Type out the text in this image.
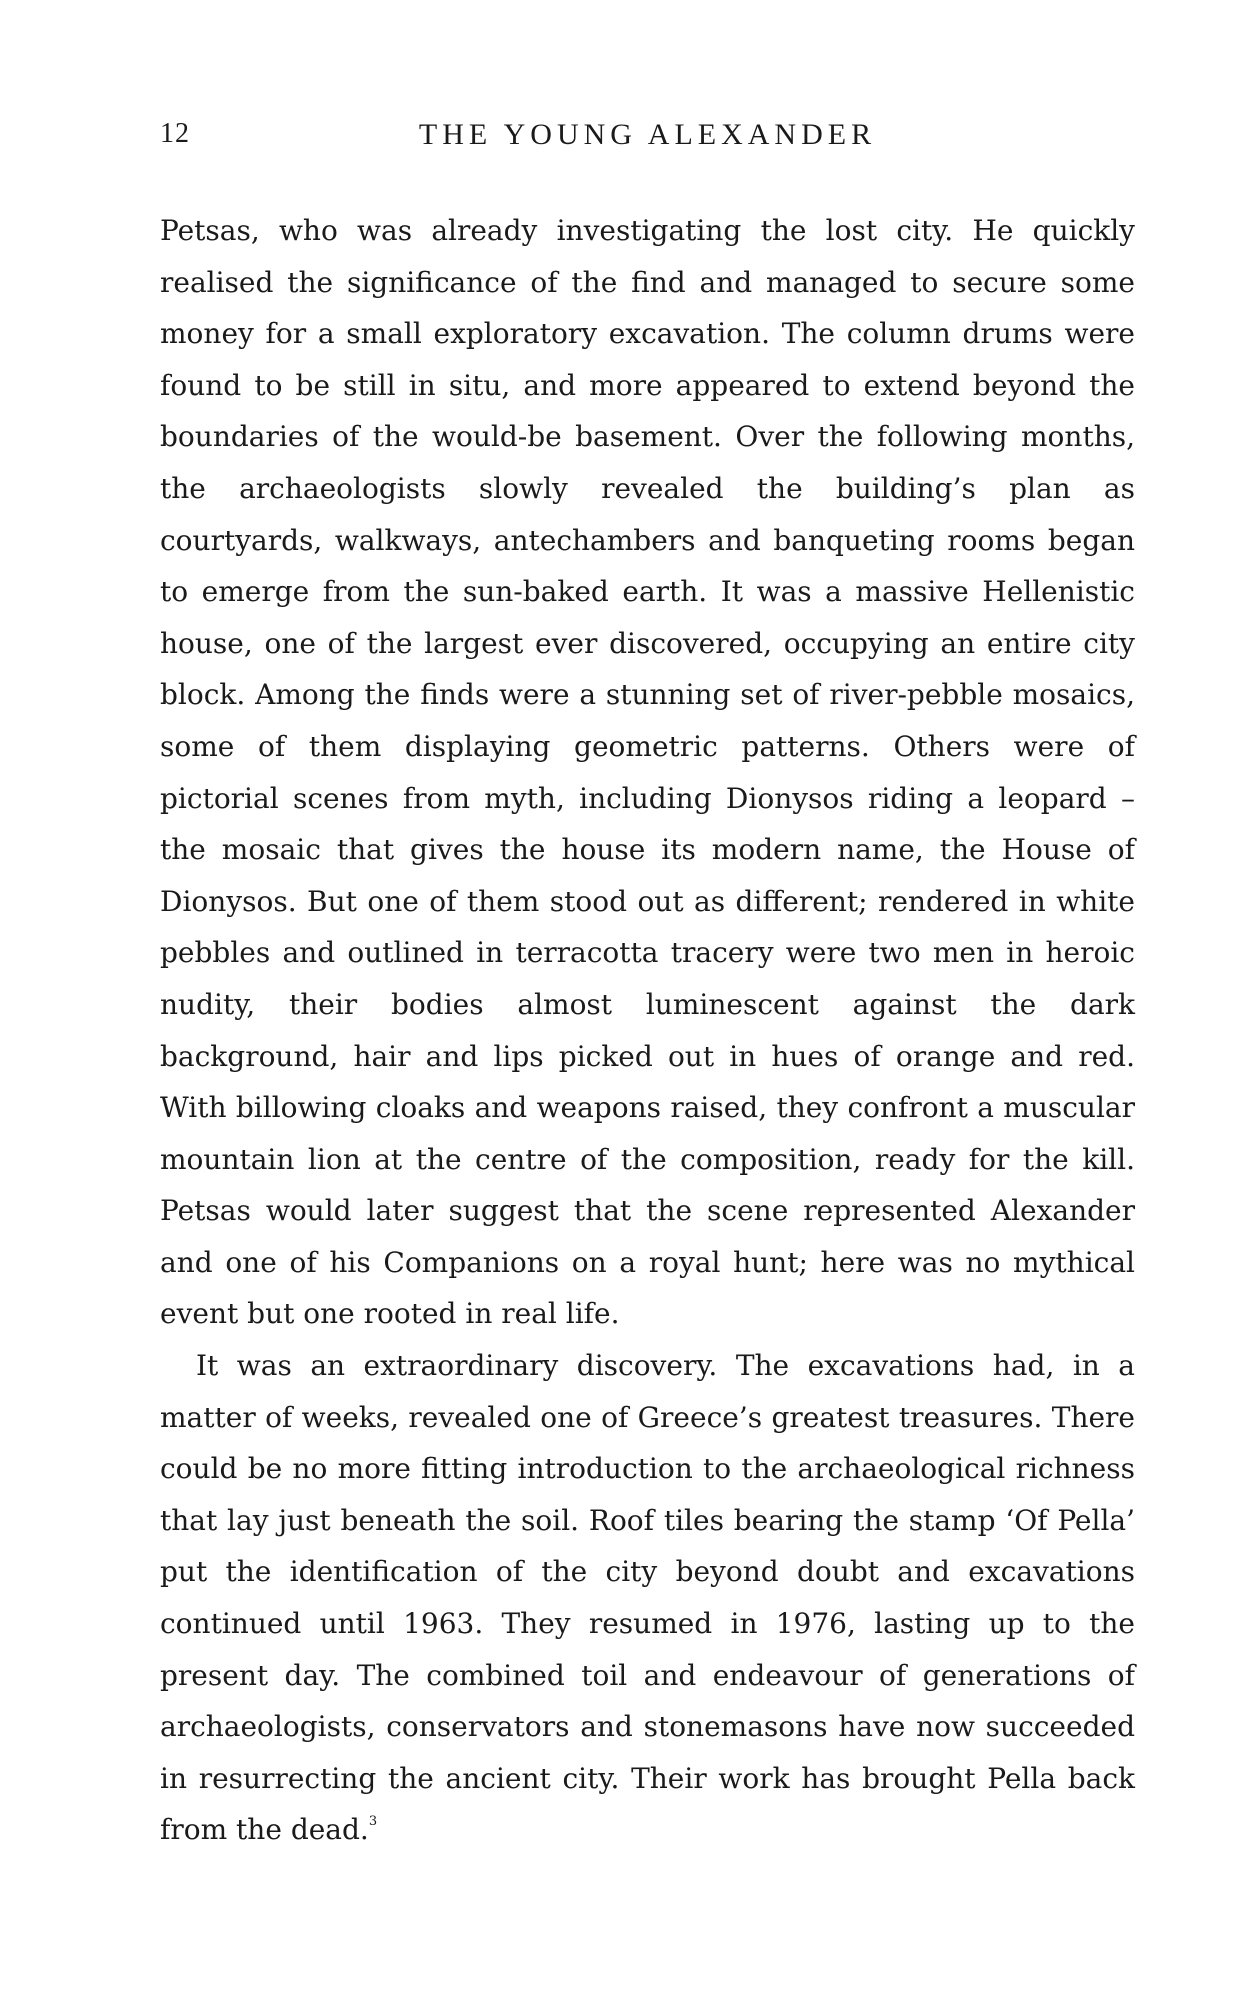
12	THE YOUNG ALEXANDER

Petsas, who was already investigating the lost city. He quickly realised the significance of the find and managed to secure some money for a small exploratory excavation. The column drums were found to be still in situ, and more appeared to extend beyond the boundaries of the would-be basement. Over the following months, the archaeologists slowly revealed the building’s plan as courtyards, walkways, antechambers and banqueting rooms began to emerge from the sun-baked earth. It was a massive Hellenistic house, one of the largest ever discovered, occupying an entire city block. Among the finds were a stunning set of river-pebble mosaics, some of them displaying geometric patterns. Others were of pictorial scenes from myth, including Dionysos riding a leopard – the mosaic that gives the house its modern name, the House of Dionysos. But one of them stood out as different; rendered in white pebbles and outlined in terracotta tracery were two men in heroic nudity, their bodies almost luminescent against the dark background, hair and lips picked out in hues of orange and red. With billowing cloaks and weapons raised, they confront a muscular mountain lion at the centre of the composition, ready for the kill. Petsas would later suggest that the scene represented Alexander and one of his Companions on a royal hunt; here was no mythical event but one rooted in real life.

It was an extraordinary discovery. The excavations had, in a matter of weeks, revealed one of Greece’s greatest treasures. There could be no more fitting introduction to the archaeological richness that lay just beneath the soil. Roof tiles bearing the stamp ‘Of Pella’ put the identification of the city beyond doubt and excavations continued until 1963. They resumed in 1976, lasting up to the present day. The combined toil and endeavour of generations of archaeologists, conservators and stonemasons have now succeeded in resurrecting the ancient city. Their work has brought Pella back from the dead.$^3$
